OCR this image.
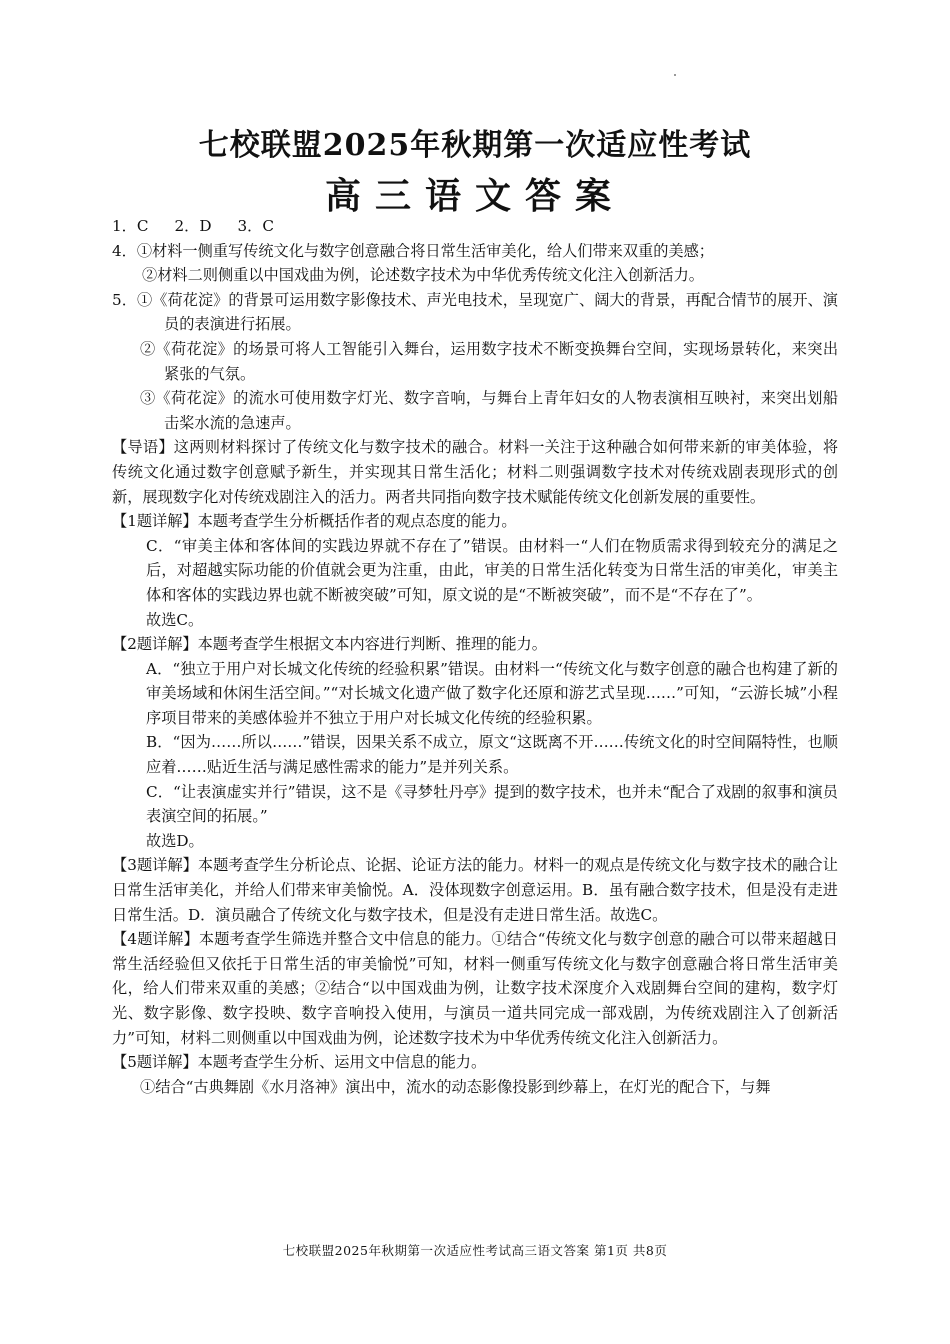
七校联盟2025年秋期第一次适应性考试
高三语文答案

1．C 2．D 3．C

4．①材料一侧重写传统文化与数字创意融合将日常生活审美化，给人们带来双重的美感；

②材料二则侧重以中国戏曲为例，论述数字技术为中华优秀传统文化注入创新活力。

5．①《荷花淀》的背景可运用数字影像技术、声光电技术，呈现宽广、阔大的背景，再配合情节的展开、演员的表演进行拓展。

②《荷花淀》的场景可将人工智能引入舞台，运用数字技术不断变换舞台空间，实现场景转化，来突出紧张的气氛。

③《荷花淀》的流水可使用数字灯光、数字音响，与舞台上青年妇女的人物表演相互映衬，来突出划船击桨水流的急速声。

【导语】这两则材料探讨了传统文化与数字技术的融合。材料一关注于这种融合如何带来新的审美体验，将传统文化通过数字创意赋予新生，并实现其日常生活化；材料二则强调数字技术对传统戏剧表现形式的创新，展现数字化对传统戏剧注入的活力。两者共同指向数字技术赋能传统文化创新发展的重要性。

【1题详解】本题考查学生分析概括作者的观点态度的能力。

C．“审美主体和客体间的实践边界就不存在了”错误。由材料一“人们在物质需求得到较充分的满足之后，对超越实际功能的价值就会更为注重，由此，审美的日常生活化转变为日常生活的审美化，审美主体和客体的实践边界也就不断被突破”可知，原文说的是“不断被突破”，而不是“不存在了”。

故选C。

【2题详解】本题考查学生根据文本内容进行判断、推理的能力。

A．“独立于用户对长城文化传统的经验积累”错误。由材料一“传统文化与数字创意的融合也构建了新的审美场域和休闲生活空间。”“对长城文化遗产做了数字化还原和游艺式呈现……”可知，“云游长城”小程序项目带来的美感体验并不独立于用户对长城文化传统的经验积累。

B．“因为……所以……”错误，因果关系不成立，原文“这既离不开……传统文化的时空间隔特性，也顺应着……贴近生活与满足感性需求的能力”是并列关系。

C．“让表演虚实并行”错误，这不是《寻梦牡丹亭》提到的数字技术，也并未“配合了戏剧的叙事和演员表演空间的拓展。”

故选D。

【3题详解】本题考查学生分析论点、论据、论证方法的能力。材料一的观点是传统文化与数字技术的融合让日常生活审美化，并给人们带来审美愉悦。A．没体现数字创意运用。B．虽有融合数字技术，但是没有走进日常生活。D．演员融合了传统文化与数字技术，但是没有走进日常生活。故选C。

【4题详解】本题考查学生筛选并整合文中信息的能力。①结合“传统文化与数字创意的融合可以带来超越日常生活经验但又依托于日常生活的审美愉悦”可知，材料一侧重写传统文化与数字创意融合将日常生活审美化，给人们带来双重的美感；②结合“以中国戏曲为例，让数字技术深度介入戏剧舞台空间的建构，数字灯光、数字影像、数字投映、数字音响投入使用，与演员一道共同完成一部戏剧，为传统戏剧注入了创新活力”可知，材料二则侧重以中国戏曲为例，论述数字技术为中华优秀传统文化注入创新活力。

【5题详解】本题考查学生分析、运用文中信息的能力。

①结合“古典舞剧《水月洛神》演出中，流水的动态影像投影到纱幕上，在灯光的配合下，与舞

七校联盟2025年秋期第一次适应性考试高三语文答案 第1页 共8页
